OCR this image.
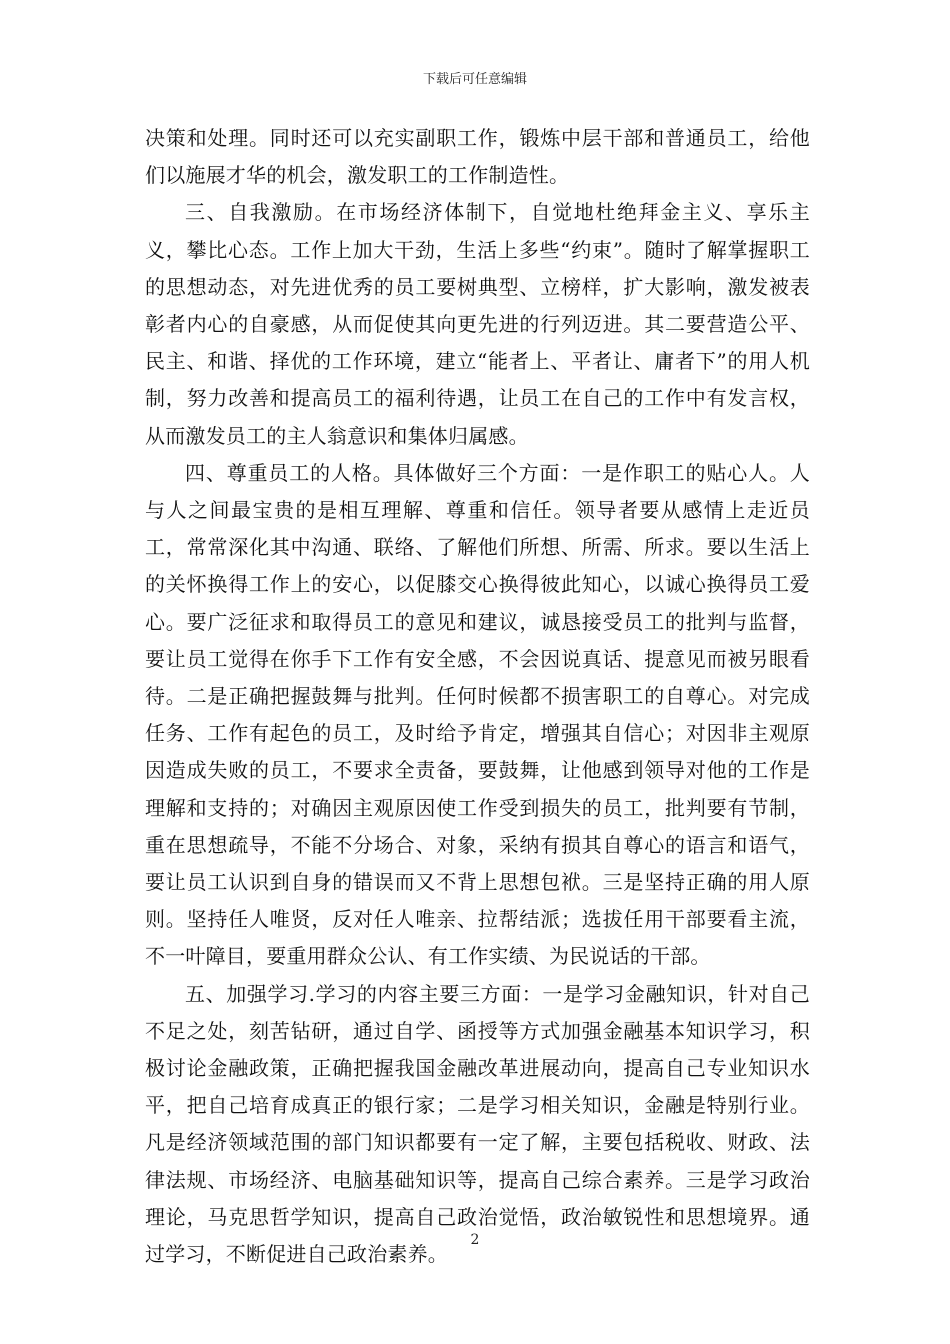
下载后可任意编辑

决策和处理。同时还可以充实副职工作，锻炼中层干部和普通员工，给他们以施展才华的机会，激发职工的工作制造性。

三、自我激励。在市场经济体制下，自觉地杜绝拜金主义、享乐主义，攀比心态。工作上加大干劲，生活上多些“约束”。随时了解掌握职工的思想动态，对先进优秀的员工要树典型、立榜样，扩大影响，激发被表彰者内心的自豪感，从而促使其向更先进的行列迈进。其二要营造公平、民主、和谐、择优的工作环境，建立“能者上、平者让、庸者下”的用人机制，努力改善和提高员工的福利待遇，让员工在自己的工作中有发言权，从而激发员工的主人翁意识和集体归属感。

四、尊重员工的人格。具体做好三个方面：一是作职工的贴心人。人与人之间最宝贵的是相互理解、尊重和信任。领导者要从感情上走近员工，常常深化其中沟通、联络、了解他们所想、所需、所求。要以生活上的关怀换得工作上的安心，以促膝交心换得彼此知心，以诚心换得员工爱心。要广泛征求和取得员工的意见和建议，诚恳接受员工的批判与监督，要让员工觉得在你手下工作有安全感，不会因说真话、提意见而被另眼看待。二是正确把握鼓舞与批判。任何时候都不损害职工的自尊心。对完成任务、工作有起色的员工，及时给予肯定，增强其自信心；对因非主观原因造成失败的员工，不要求全责备，要鼓舞，让他感到领导对他的工作是理解和支持的；对确因主观原因使工作受到损失的员工，批判要有节制，重在思想疏导，不能不分场合、对象，采纳有损其自尊心的语言和语气，要让员工认识到自身的错误而又不背上思想包袱。三是坚持正确的用人原则。坚持任人唯贤，反对任人唯亲、拉帮结派；选拔任用干部要看主流，不一叶障目，要重用群众公认、有工作实绩、为民说话的干部。

五、加强学习.学习的内容主要三方面：一是学习金融知识，针对自己不足之处，刻苦钻研，通过自学、函授等方式加强金融基本知识学习，积极讨论金融政策，正确把握我国金融改革进展动向，提高自己专业知识水平，把自己培育成真正的银行家；二是学习相关知识，金融是特别行业。凡是经济领域范围的部门知识都要有一定了解，主要包括税收、财政、法律法规、市场经济、电脑基础知识等，提高自己综合素养。三是学习政治理论，马克思哲学知识，提高自己政治觉悟，政治敏锐性和思想境界。通过学习，不断促进自己政治素养。

2
